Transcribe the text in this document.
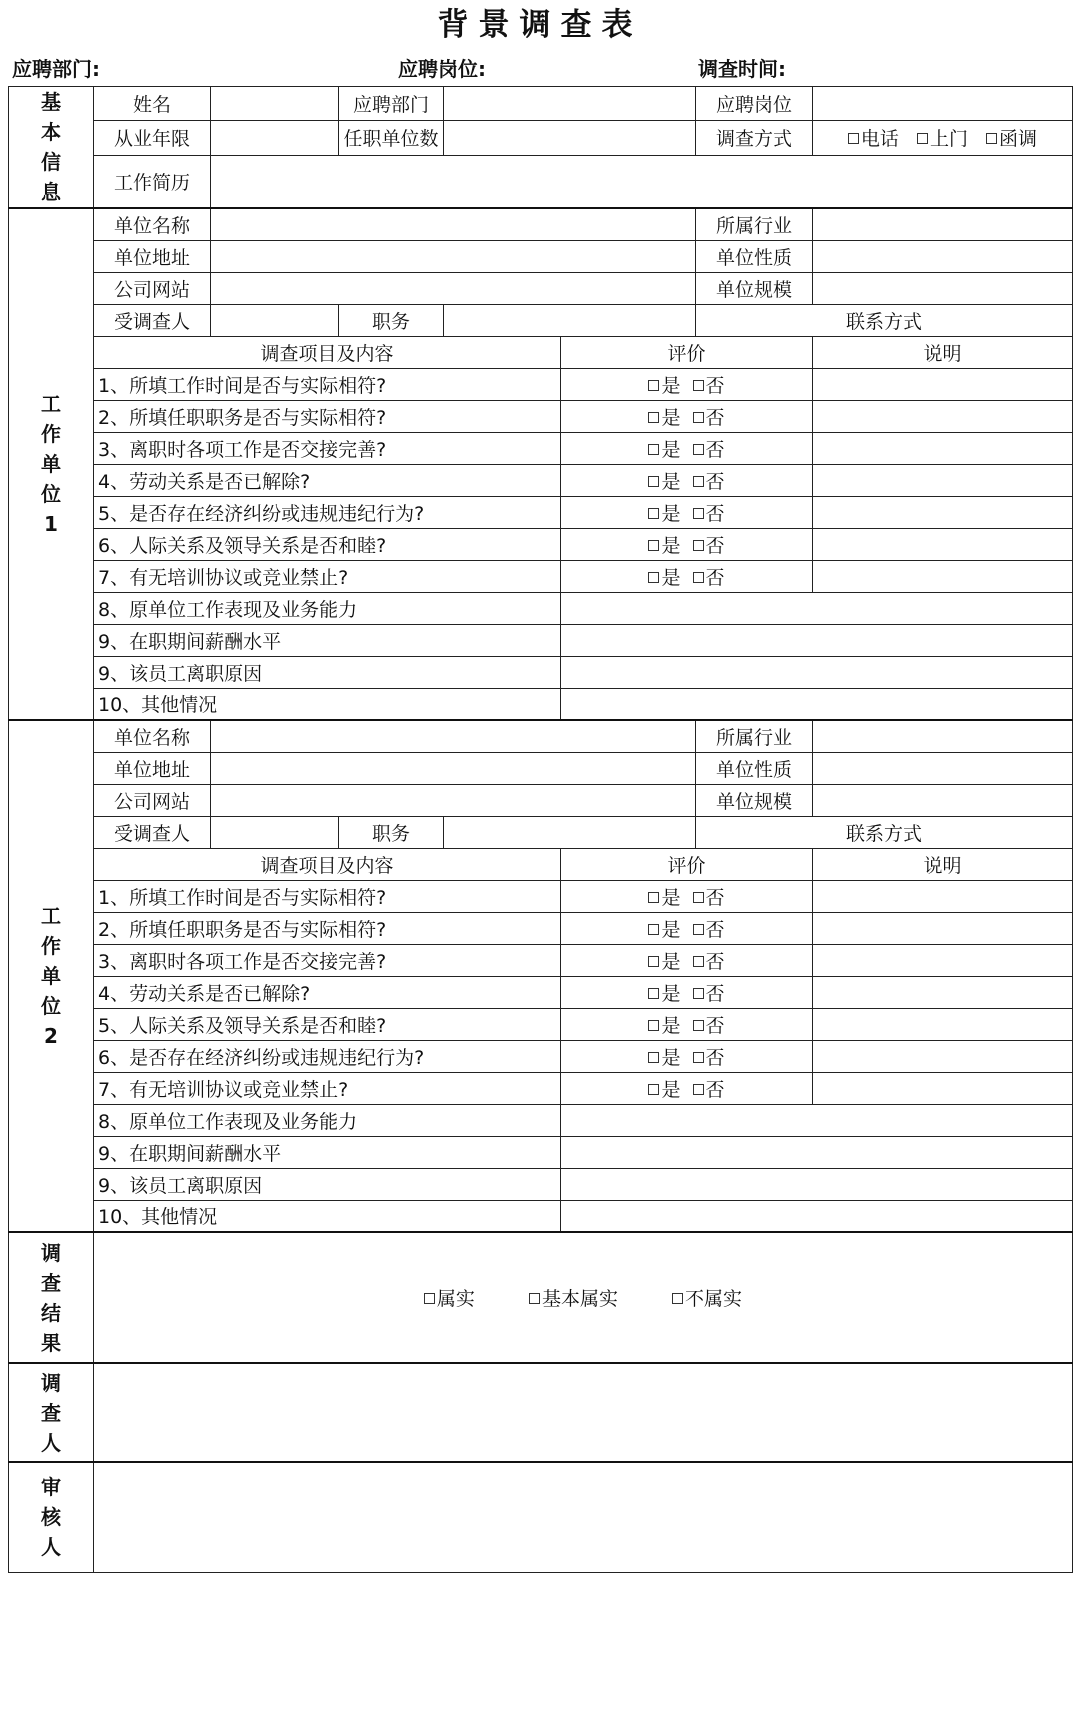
背景调查表
应聘部门:	应聘岗位:	调查时间:
基
本
信
息	姓名		应聘部门			应聘岗位		
	从业年限		任职单位数			调查方式	电话 上门 函调	
	工作简历							

工
作
单
位
1	单位名称					所属行业		
	单位地址					单位性质		
	公司网站					单位规模		
	受调查人		职务			联系方式		
	调查项目及内容				评价		说明	
	1、所填工作时间是否与实际相符?				是 否			
	2、所填任职职务是否与实际相符?				是 否			
	3、离职时各项工作是否交接完善?				是 否			
	4、劳动关系是否已解除?				是 否			
	5、是否存在经济纠纷或违规违纪行为?				是 否			
	6、人际关系及领导关系是否和睦?				是 否			
	7、有无培训协议或竞业禁止?				是 否			
	8、原单位工作表现及业务能力							
	9、在职期间薪酬水平							
	9、该员工离职原因							
	10、其他情况							

工
作
单
位
2	单位名称					所属行业		
	单位地址					单位性质		
	公司网站					单位规模		
	受调查人		职务			联系方式		
	调查项目及内容				评价		说明	
	1、所填工作时间是否与实际相符?				是 否			
	2、所填任职职务是否与实际相符?				是 否			
	3、离职时各项工作是否交接完善?				是 否			
	4、劳动关系是否已解除?				是 否			
	5、人际关系及领导关系是否和睦?				是 否			
	6、是否存在经济纠纷或违规违纪行为?				是 否			
	7、有无培训协议或竞业禁止?				是 否			
	8、原单位工作表现及业务能力							
	9、在职期间薪酬水平							
	9、该员工离职原因							
	10、其他情况							

调
查
结
果	属实 基本属实 不属实							

调
查
人								

审
核
人								
